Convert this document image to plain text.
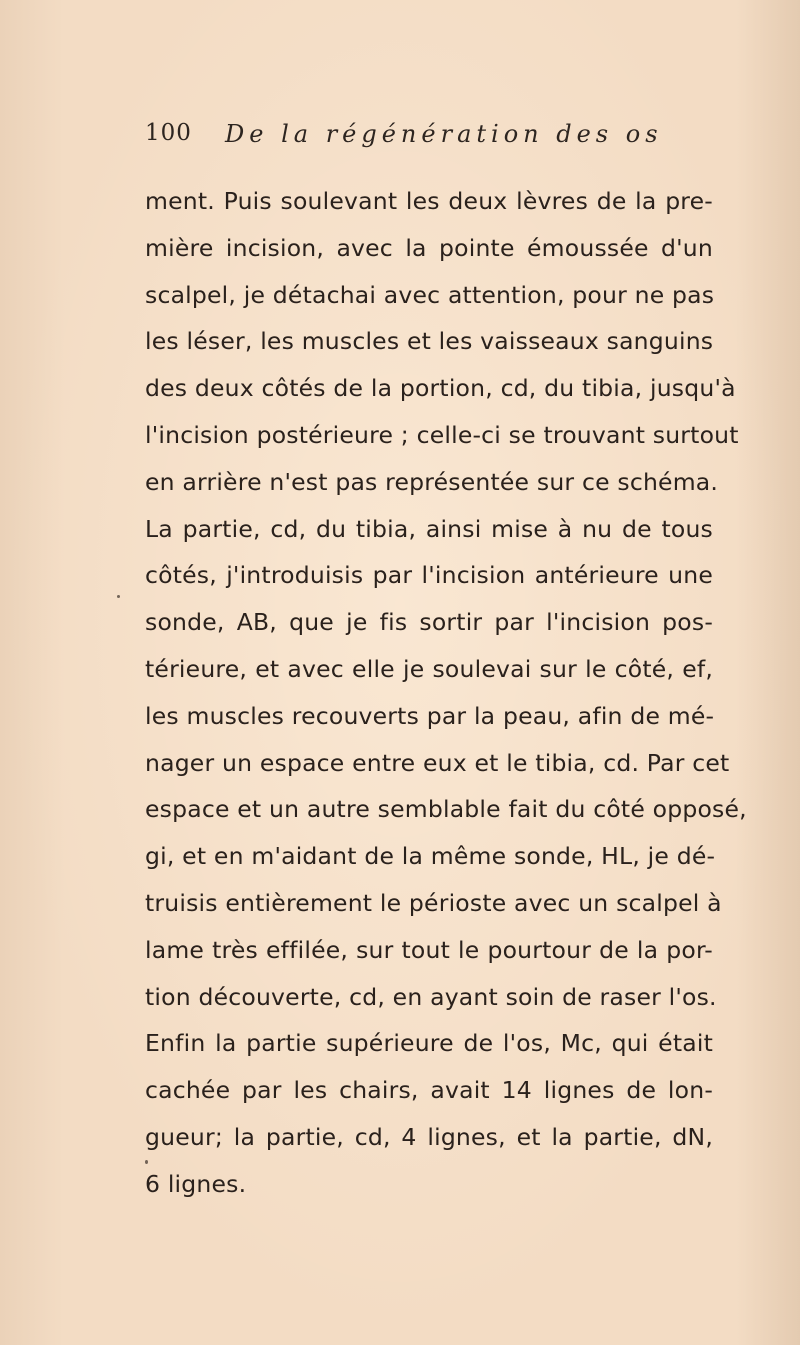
100 De la régénération des os
ment. Puis soulevant les deux lèvres de la pre-
mière incision, avec la pointe émoussée d'un
scalpel, je détachai avec attention, pour ne pas
les léser, les muscles et les vaisseaux sanguins
des deux côtés de la portion, cd, du tibia, jusqu'à
l'incision postérieure ; celle-ci se trouvant surtout
en arrière n'est pas représentée sur ce schéma.
La partie, cd, du tibia, ainsi mise à nu de tous
côtés, j'introduisis par l'incision antérieure une
sonde, AB, que je fis sortir par l'incision pos-
térieure, et avec elle je soulevai sur le côté, ef,
les muscles recouverts par la peau, afin de mé-
nager un espace entre eux et le tibia, cd. Par cet
espace et un autre semblable fait du côté opposé,
gi, et en m'aidant de la même sonde, HL, je dé-
truisis entièrement le périoste avec un scalpel à
lame très effilée, sur tout le pourtour de la por-
tion découverte, cd, en ayant soin de raser l'os.
Enfin la partie supérieure de l'os, Mc, qui était
cachée par les chairs, avait 14 lignes de lon-
gueur; la partie, cd, 4 lignes, et la partie, dN,
6 lignes.
